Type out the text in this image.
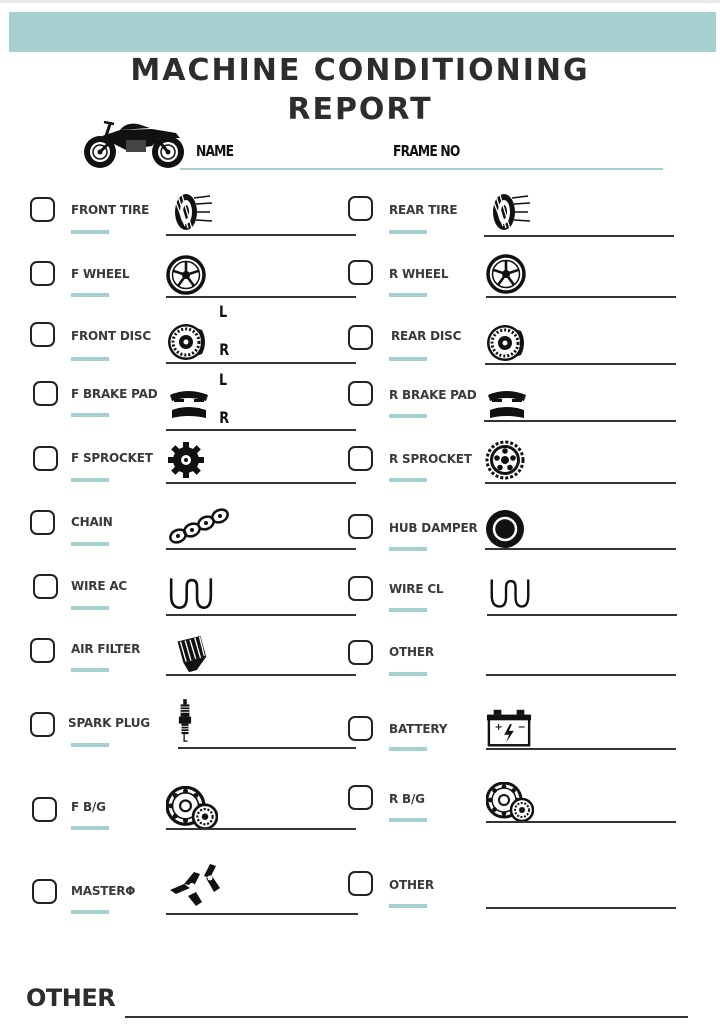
MACHINE CONDITIONING
REPORT
NAME	FRAME NO
FRONT TIRE
F WHEEL
FRONT DISC
L
R
F BRAKE PAD
L
R
F SPROCKET
CHAIN
WIRE AC
AIR FILTER
SPARK PLUG
F B/G
MASTERΦ
REAR TIRE
R WHEEL
REAR DISC
R BRAKE PAD
R SPROCKET
HUB DAMPER
WIRE CL
OTHER
BATTERY	+ −
R B/G
OTHER
OTHER
